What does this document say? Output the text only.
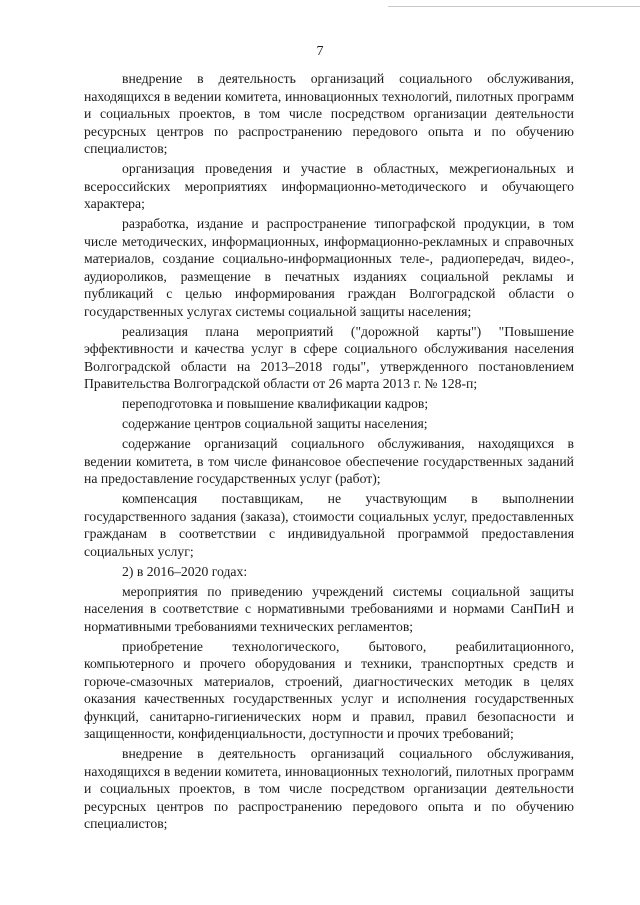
7

внедрение в деятельность организаций социального обслуживания, находящихся в ведении комитета, инновационных технологий, пилотных программ и социальных проектов, в том числе посредством организации деятельности ресурсных центров по распространению передового опыта и по обучению специалистов;

организация проведения и участие в областных, межрегиональных и всероссийских мероприятиях информационно-методического и обучающего характера;

разработка, издание и распространение типографской продукции, в том числе методических, информационных, информационно-рекламных и справочных материалов, создание социально-информационных теле-, радиопередач, видео-, аудиороликов, размещение в печатных изданиях социальной рекламы и публикаций с целью информирования граждан Волгоградской области о государственных услугах системы социальной защиты населения;

реализация плана мероприятий ("дорожной карты") "Повышение эффективности и качества услуг в сфере социального обслуживания населения Волгоградской области на 2013–2018 годы", утвержденного постановлением Правительства Волгоградской области от 26 марта 2013 г. № 128-п;

переподготовка и повышение квалификации кадров;

содержание центров социальной защиты населения;

содержание организаций социального обслуживания, находящихся в ведении комитета, в том числе финансовое обеспечение государственных заданий на предоставление государственных услуг (работ);

компенсация поставщикам, не участвующим в выполнении государственного задания (заказа), стоимости социальных услуг, предоставленных гражданам в соответствии с индивидуальной программой предоставления социальных услуг;

2) в 2016–2020 годах:

мероприятия по приведению учреждений системы социальной защиты населения в соответствие с нормативными требованиями и нормами СанПиН и нормативными требованиями технических регламентов;

приобретение технологического, бытового, реабилитационного, компьютерного и прочего оборудования и техники, транспортных средств и горюче-смазочных материалов, строений, диагностических методик в целях оказания качественных государственных услуг и исполнения государственных функций, санитарно-гигиенических норм и правил, правил безопасности и защищенности, конфиденциальности, доступности и прочих требований;

внедрение в деятельность организаций социального обслуживания, находящихся в ведении комитета, инновационных технологий, пилотных программ и социальных проектов, в том числе посредством организации деятельности ресурсных центров по распространению передового опыта и по обучению специалистов;
